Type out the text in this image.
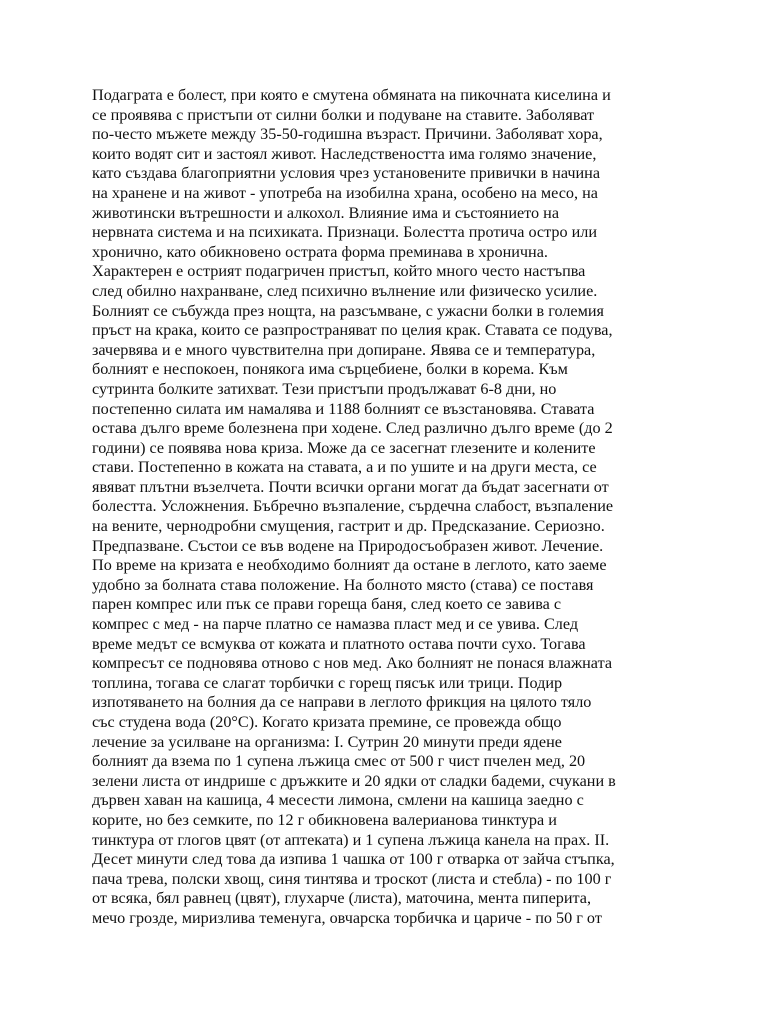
Подаграта е болест, при която е смутена обмяната на пикочната киселина и
се проявява с пристъпи от силни болки и подуване на ставите. Заболяват
по-често мъжете между 35-50-годишна възраст. Причини. Заболяват хора,
които водят сит и застоял живот. Наследствеността има голямо значение,
като създава благоприятни условия чрез установените привички в начина
на хранене и на живот - употреба на изобилна храна, особено на месо, на
животински вътрешности и алкохол. Влияние има и състоянието на
нервната система и на психиката. Признаци. Болестта протича остро или
хронично, като обикновено острата форма преминава в хронична.
Характерен е острият подагричен пристъп, който много често настъпва
след обилно нахранване, след психично вълнение или физическо усилие.
Болният се събужда през нощта, на разсъмване, с ужасни болки в големия
пръст на крака, които се разпространяват по целия крак. Ставата се подува,
зачервява и е много чувствителна при допиране. Явява се и температура,
болният е неспокоен, понякога има сърцебиене, болки в корема. Към
сутринта болките затихват. Тези пристъпи продължават 6-8 дни, но
постепенно силата им намалява и 1188 болният се възстановява. Ставата
остава дълго време болезнена при ходене. След различно дълго време (до 2
години) се появява нова криза. Може да се засегнат глезените и колените
стави. Постепенно в кожата на ставата, а и по ушите и на други места, се
явяват плътни възелчета. Почти всички органи могат да бъдат засегнати от
болестта. Усложнения. Бъбречно възпаление, сърдечна слабост, възпаление
на вените, чернодробни смущения, гастрит и др. Предсказание. Сериозно.
Предпазване. Състои се във водене на Природосъобразен живот. Лечение.
По време на кризата е необходимо болният да остане в леглото, като заеме
удобно за болната става положение. На болното място (става) се поставя
парен компрес или пък се прави гореща баня, след което се завива с
компрес с мед - на парче платно се намазва пласт мед и се увива. След
време медът се всмуква от кожата и платното остава почти сухо. Тогава
компресът се подновява отново с нов мед. Ако болният не понася влажната
топлина, тогава се слагат торбички с горещ пясък или трици. Подир
изпотяването на болния да се направи в леглото фрикция на цялото тяло
със студена вода (20°C). Когато кризата премине, се провежда общо
лечение за усилване на организма: I. Сутрин 20 минути преди ядене
болният да взема по 1 супена лъжица смес от 500 г чист пчелен мед, 20
зелени листа от индрише с дръжките и 20 ядки от сладки бадеми, счукани в
дървен хаван на кашица, 4 месести лимона, смлени на кашица заедно с
корите, но без семките, по 12 г обикновена валерианова тинктура и
тинктура от глогов цвят (от аптеката) и 1 супена лъжица канела на прах. II.
Десет минути след това да изпива 1 чашка от 100 г отварка от зайча стъпка,
пача трева, полски хвощ, синя тинтява и троскот (листа и стебла) - по 100 г
от всяка, бял равнец (цвят), глухарче (листа), маточина, мента пиперита,
мечо грозде, миризлива теменуга, овчарска торбичка и цариче - по 50 г от
